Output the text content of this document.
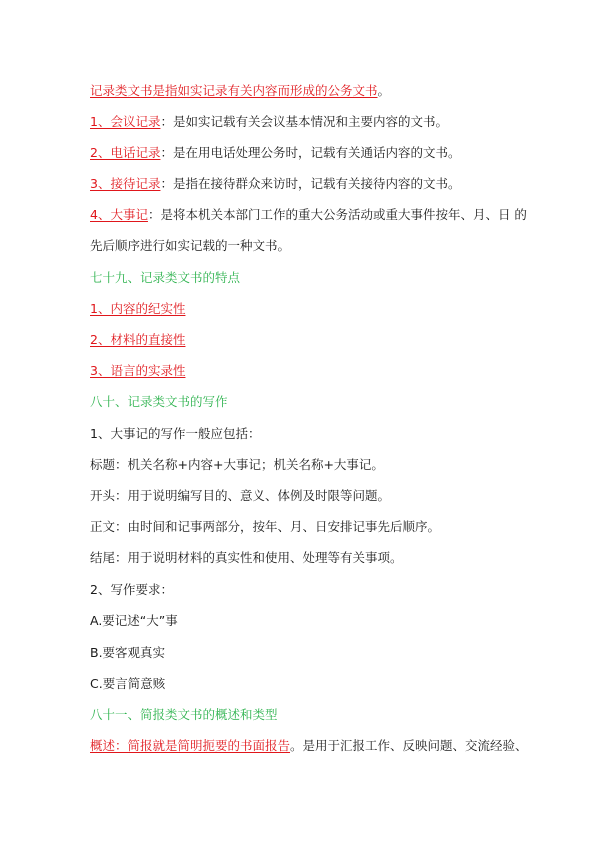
记录类文书是指如实记录有关内容而形成的公务文书。
1、会议记录：是如实记载有关会议基本情况和主要内容的文书。
2、电话记录：是在用电话处理公务时，记载有关通话内容的文书。
3、接待记录：是指在接待群众来访时，记载有关接待内容的文书。
4、大事记：是将本机关本部门工作的重大公务活动或重大事件按年、月、日 的
先后顺序进行如实记载的一种文书。
七十九、记录类文书的特点
1、内容的纪实性
2、材料的直接性
3、语言的实录性
八十、记录类文书的写作
1、大事记的写作一般应包括：
标题：机关名称+内容+大事记；机关名称+大事记。
开头：用于说明编写目的、意义、体例及时限等问题。
正文：由时间和记事两部分，按年、月、日安排记事先后顺序。
结尾：用于说明材料的真实性和使用、处理等有关事项。
2、写作要求：
A.要记述“大”事
B.要客观真实
C.要言简意赅
八十一、简报类文书的概述和类型
概述：简报就是简明扼要的书面报告。是用于汇报工作、反映问题、交流经验、
